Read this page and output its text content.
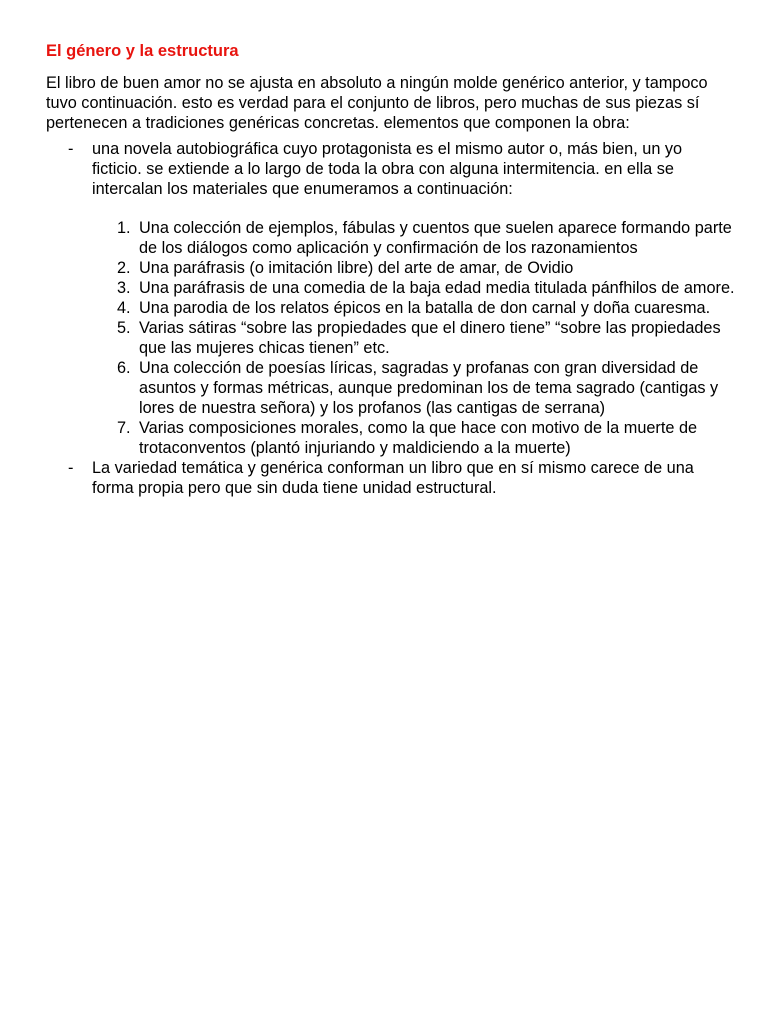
El género y la estructura
El libro de buen amor no se ajusta en absoluto a ningún molde genérico anterior, y tampoco tuvo continuación. esto es verdad para el conjunto de libros, pero muchas de sus piezas sí pertenecen a tradiciones genéricas concretas. elementos que componen la obra:
- una novela autobiográfica cuyo protagonista es el mismo autor o, más bien, un yo ficticio. se extiende a lo largo de toda la obra con alguna intermitencia. en ella se intercalan los materiales que enumeramos a continuación:
1. Una colección de ejemplos, fábulas y cuentos que suelen aparece formando parte de los diálogos como aplicación y confirmación de los razonamientos
2. Una paráfrasis (o imitación libre) del arte de amar, de Ovidio
3. Una paráfrasis de una comedia de la baja edad media titulada pánfhilos de amore.
4. Una parodia de los relatos épicos en la batalla de don carnal y doña cuaresma.
5. Varias sátiras “sobre las propiedades que el dinero tiene” “sobre las propiedades que las mujeres chicas tienen” etc.
6. Una colección de poesías líricas, sagradas y profanas con gran diversidad de asuntos y formas métricas, aunque predominan los de tema sagrado (cantigas y lores de nuestra señora) y los profanos (las cantigas de serrana)
7. Varias composiciones morales, como la que hace con motivo de la muerte de trotaconventos (plantó injuriando y maldiciendo a la muerte)
- La variedad temática y genérica conforman un libro que en sí mismo carece de una forma propia pero que sin duda tiene unidad estructural.
